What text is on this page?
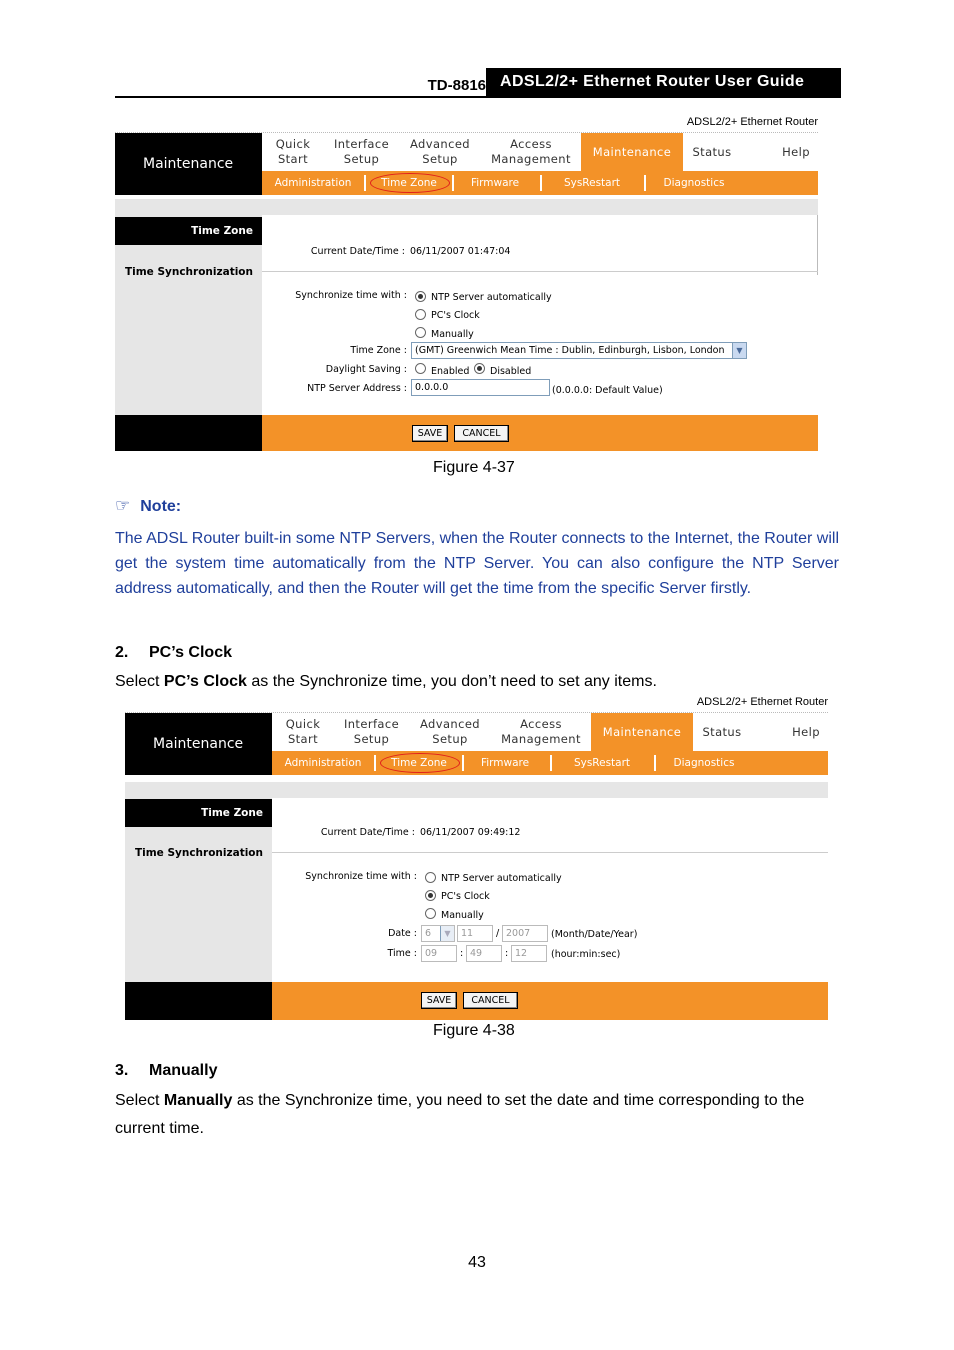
TD-8816 ADSL2/2+ Ethernet Router User Guide
ADSL2/2+ Ethernet Router
Maintenance
Quick
Start
Interface
Setup
Advanced
Setup
Access
Management
Maintenance	Status	Help
Administration	Time Zone	Firmware	SysRestart	Diagnostics
Time Zone
Time Synchronization
Current Date/Time : 06/11/2007 01:47:04
Synchronize time with :	NTP Server automatically
PC's Clock
Manually
Time Zone : (GMT) Greenwich Mean Time : Dublin, Edinburgh, Lisbon, London	▼
Daylight Saving :	Enabled Disabled
NTP Server Address : 0.0.0.0	(0.0.0.0: Default Value)
SAVE	CANCEL
Figure 4-37
☞ Note:
The ADSL Router built-in some NTP Servers, when the Router connects to the Internet, the Router will get the system time automatically from the NTP Server. You can also configure the NTP Server address automatically, and then the Router will get the time from the specific Server firstly.
2. PC’s Clock
Select PC’s Clock as the Synchronize time, you don’t need to set any items.
ADSL2/2+ Ethernet Router
Maintenance
Quick
Start
Interface
Setup
Advanced
Setup
Access
Management
Maintenance	Status	Help
Administration	Time Zone	Firmware	SysRestart	Diagnostics
Time Zone
Time Synchronization
Current Date/Time : 06/11/2007 09:49:12
Synchronize time with :	NTP Server automatically
PC's Clock
Manually
Date : 6	▼	11	/ 2007	(Month/Date/Year)
Time : 09	: 49	: 12	(hour:min:sec)
SAVE	CANCEL
Figure 4-38
3. Manually
Select Manually as the Synchronize time, you need to set the date and time corresponding to the current time.
43
